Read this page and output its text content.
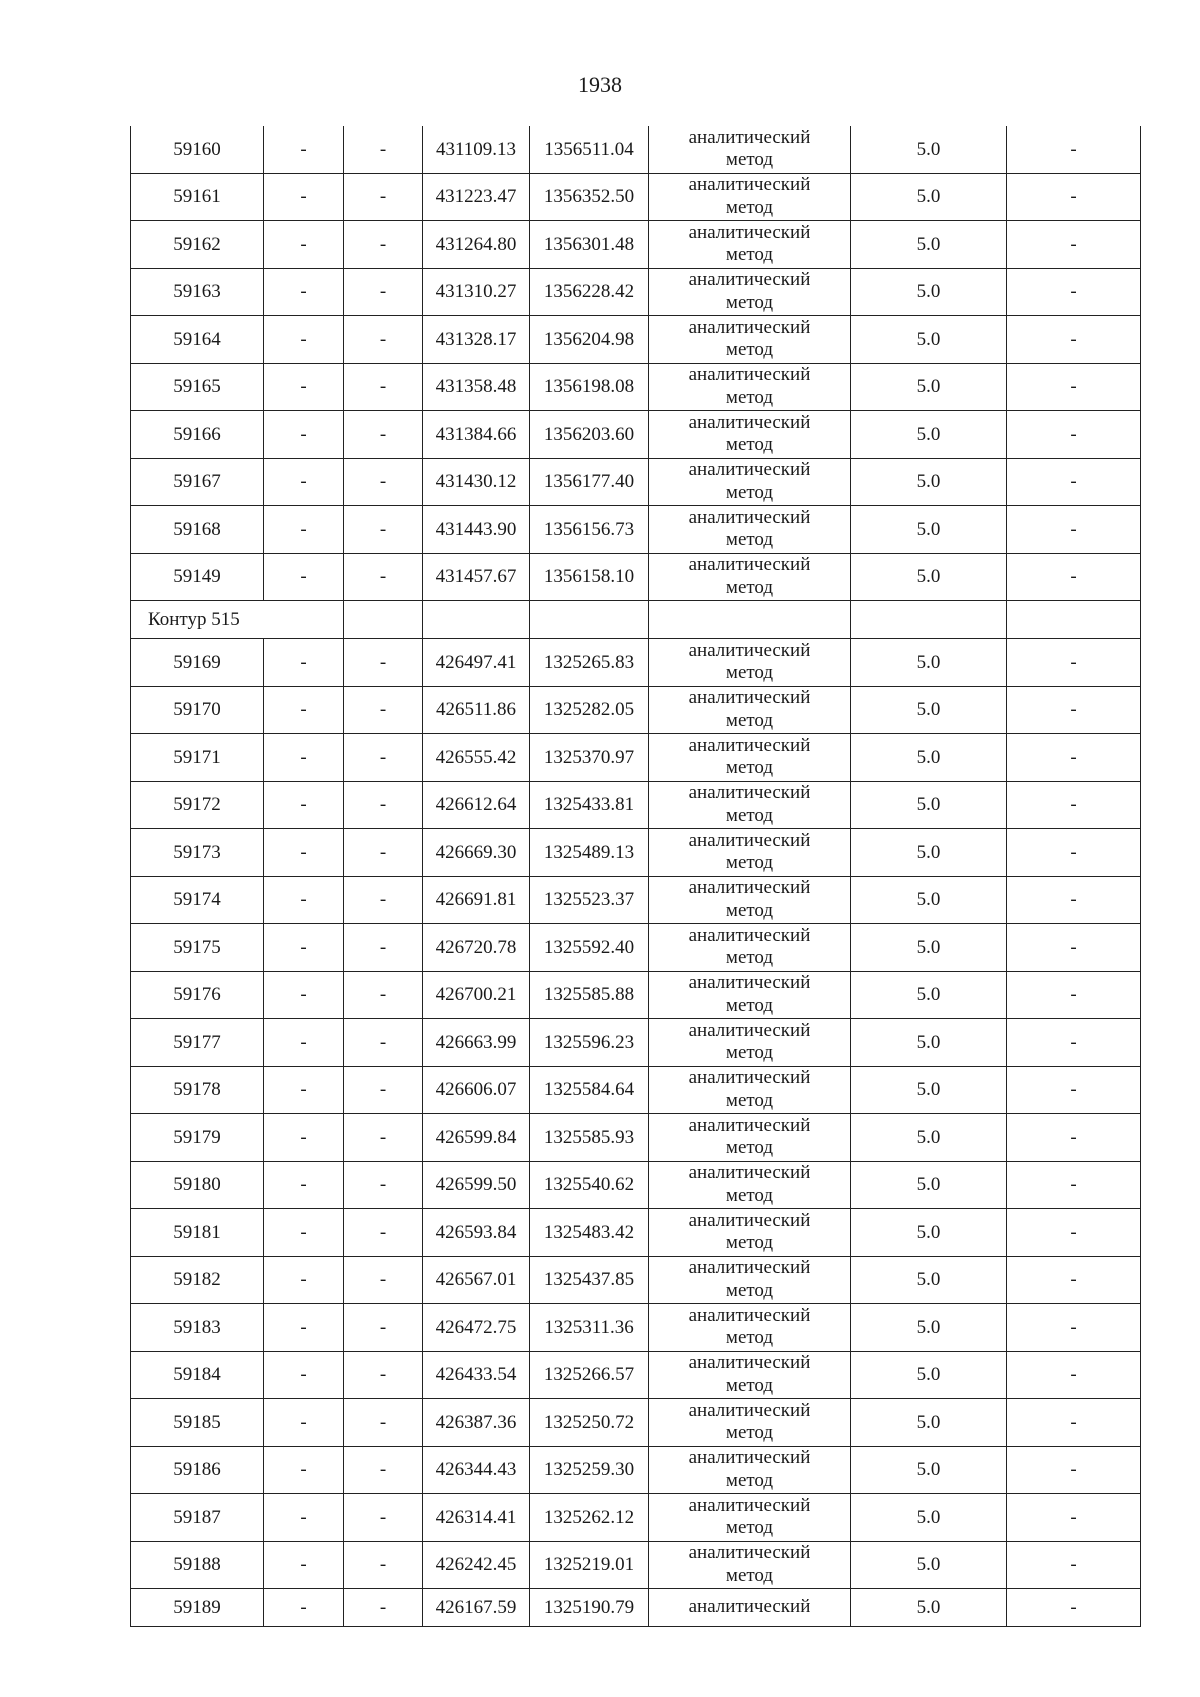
1938
59160	-	-	431109.13	1356511.04	аналитический метод	5.0	-
59161	-	-	431223.47	1356352.50	аналитический метод	5.0	-
59162	-	-	431264.80	1356301.48	аналитический метод	5.0	-
59163	-	-	431310.27	1356228.42	аналитический метод	5.0	-
59164	-	-	431328.17	1356204.98	аналитический метод	5.0	-
59165	-	-	431358.48	1356198.08	аналитический метод	5.0	-
59166	-	-	431384.66	1356203.60	аналитический метод	5.0	-
59167	-	-	431430.12	1356177.40	аналитический метод	5.0	-
59168	-	-	431443.90	1356156.73	аналитический метод	5.0	-
59149	-	-	431457.67	1356158.10	аналитический метод	5.0	-
Контур 515							
59169	-	-	426497.41	1325265.83	аналитический метод	5.0	-
59170	-	-	426511.86	1325282.05	аналитический метод	5.0	-
59171	-	-	426555.42	1325370.97	аналитический метод	5.0	-
59172	-	-	426612.64	1325433.81	аналитический метод	5.0	-
59173	-	-	426669.30	1325489.13	аналитический метод	5.0	-
59174	-	-	426691.81	1325523.37	аналитический метод	5.0	-
59175	-	-	426720.78	1325592.40	аналитический метод	5.0	-
59176	-	-	426700.21	1325585.88	аналитический метод	5.0	-
59177	-	-	426663.99	1325596.23	аналитический метод	5.0	-
59178	-	-	426606.07	1325584.64	аналитический метод	5.0	-
59179	-	-	426599.84	1325585.93	аналитический метод	5.0	-
59180	-	-	426599.50	1325540.62	аналитический метод	5.0	-
59181	-	-	426593.84	1325483.42	аналитический метод	5.0	-
59182	-	-	426567.01	1325437.85	аналитический метод	5.0	-
59183	-	-	426472.75	1325311.36	аналитический метод	5.0	-
59184	-	-	426433.54	1325266.57	аналитический метод	5.0	-
59185	-	-	426387.36	1325250.72	аналитический метод	5.0	-
59186	-	-	426344.43	1325259.30	аналитический метод	5.0	-
59187	-	-	426314.41	1325262.12	аналитический метод	5.0	-
59188	-	-	426242.45	1325219.01	аналитический метод	5.0	-
59189	-	-	426167.59	1325190.79	аналитический	5.0	-
